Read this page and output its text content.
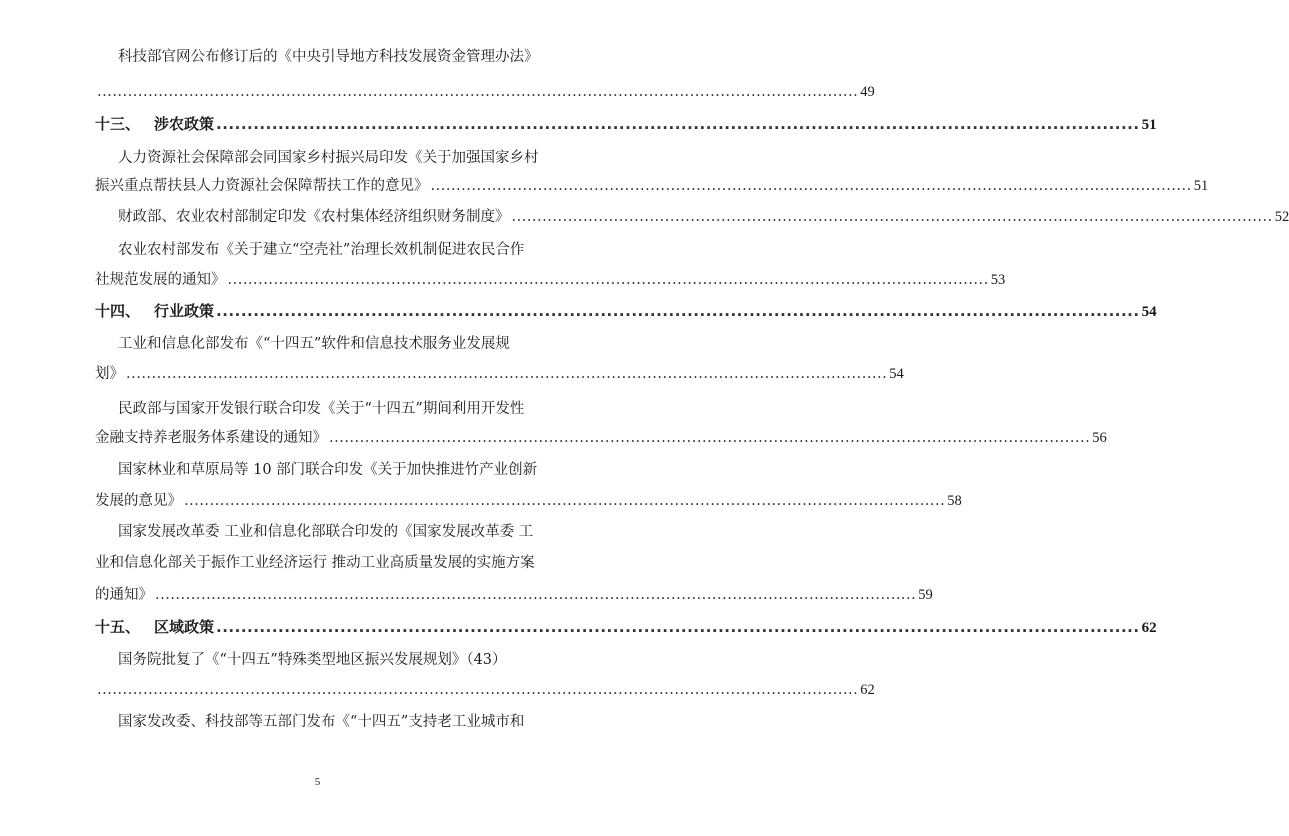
科技部官网公布修订后的《中央引导地方科技发展资金管理办法》
..................................................................................................................................................... 49
十三、 涉农政策 ..................................................................................................................................................... 51
人力资源社会保障部会同国家乡村振兴局印发《关于加强国家乡村
振兴重点帮扶县人力资源社会保障帮扶工作的意见》 ..................................................................................................................................................... 51
财政部、农业农村部制定印发《农村集体经济组织财务制度》 ..................................................................................................................................................... 52
农业农村部发布《关于建立“空壳社”治理长效机制促进农民合作
社规范发展的通知》 ..................................................................................................................................................... 53
十四、 行业政策 ..................................................................................................................................................... 54
工业和信息化部发布《“十四五”软件和信息技术服务业发展规
划》 ..................................................................................................................................................... 54
民政部与国家开发银行联合印发《关于“十四五”期间利用开发性
金融支持养老服务体系建设的通知》 ..................................................................................................................................................... 56
国家林业和草原局等 10 部门联合印发《关于加快推进竹产业创新
发展的意见》 ..................................................................................................................................................... 58
国家发展改革委 工业和信息化部联合印发的《国家发展改革委 工
业和信息化部关于振作工业经济运行 推动工业高质量发展的实施方案
的通知》 ..................................................................................................................................................... 59
十五、 区域政策 ..................................................................................................................................................... 62
国务院批复了《“十四五”特殊类型地区振兴发展规划》（43）
..................................................................................................................................................... 62
国家发改委、科技部等五部门发布《“十四五”支持老工业城市和
5
